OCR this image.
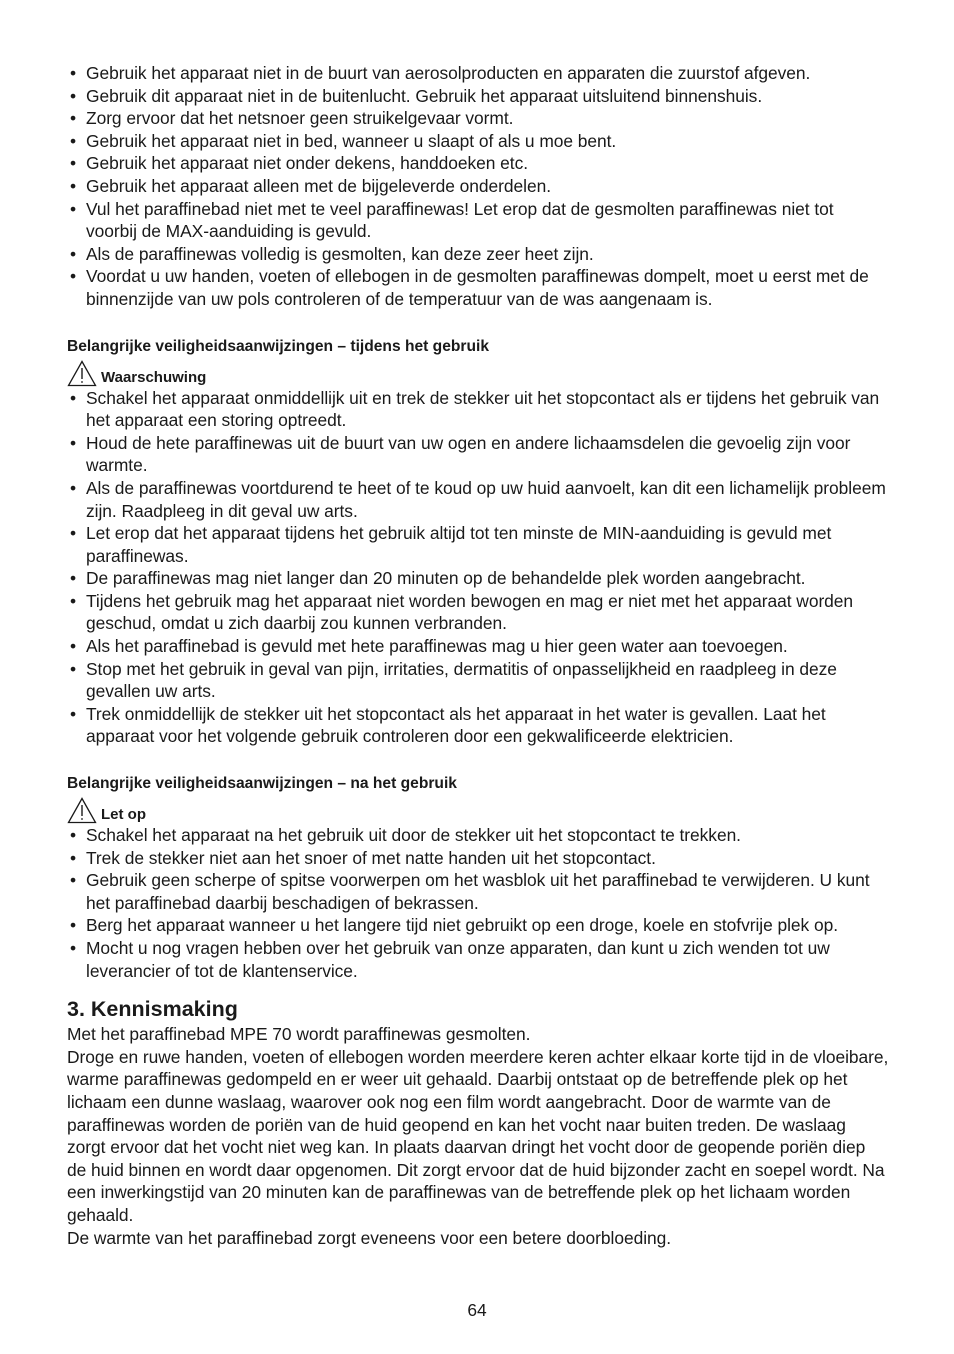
• Gebruik het apparaat niet in de buurt van aerosolproducten en apparaten die zuurstof afgeven.
• Gebruik dit apparaat niet in de buitenlucht. Gebruik het apparaat uitsluitend binnenshuis.
• Zorg ervoor dat het netsnoer geen struikelgevaar vormt.
• Gebruik het apparaat niet in bed, wanneer u slaapt of als u moe bent.
• Gebruik het apparaat niet onder dekens, handdoeken etc.
• Gebruik het apparaat alleen met de bijgeleverde onderdelen.
• Vul het paraffinebad niet met te veel paraffinewas! Let erop dat de gesmolten paraffinewas niet tot voorbij de MAX-aanduiding is gevuld.
• Als de paraffinewas volledig is gesmolten, kan deze zeer heet zijn.
• Voordat u uw handen, voeten of ellebogen in de gesmolten paraffinewas dompelt, moet u eerst met de binnenzijde van uw pols controleren of de temperatuur van de was aangenaam is.
Belangrijke veiligheidsaanwijzingen – tijdens het gebruik
Waarschuwing
• Schakel het apparaat onmiddellijk uit en trek de stekker uit het stopcontact als er tijdens het gebruik van het apparaat een storing optreedt.
• Houd de hete paraffinewas uit de buurt van uw ogen en andere lichaamsdelen die gevoelig zijn voor warmte.
• Als de paraffinewas voortdurend te heet of te koud op uw huid aanvoelt, kan dit een lichamelijk probleem zijn. Raadpleeg in dit geval uw arts.
• Let erop dat het apparaat tijdens het gebruik altijd tot ten minste de MIN-aanduiding is gevuld met paraffinewas.
• De paraffinewas mag niet langer dan 20 minuten op de behandelde plek worden aangebracht.
• Tijdens het gebruik mag het apparaat niet worden bewogen en mag er niet met het apparaat worden geschud, omdat u zich daarbij zou kunnen verbranden.
• Als het paraffinebad is gevuld met hete paraffinewas mag u hier geen water aan toevoegen.
• Stop met het gebruik in geval van pijn, irritaties, dermatitis of onpasselijkheid en raadpleeg in deze gevallen uw arts.
• Trek onmiddellijk de stekker uit het stopcontact als het apparaat in het water is gevallen. Laat het apparaat voor het volgende gebruik controleren door een gekwalificeerde elektricien.
Belangrijke veiligheidsaanwijzingen – na het gebruik
Let op
• Schakel het apparaat na het gebruik uit door de stekker uit het stopcontact te trekken.
• Trek de stekker niet aan het snoer of met natte handen uit het stopcontact.
• Gebruik geen scherpe of spitse voorwerpen om het wasblok uit het paraffinebad te verwijderen. U kunt het paraffinebad daarbij beschadigen of bekrassen.
• Berg het apparaat wanneer u het langere tijd niet gebruikt op een droge, koele en stofvrije plek op.
• Mocht u nog vragen hebben over het gebruik van onze apparaten, dan kunt u zich wenden tot uw leverancier of tot de klantenservice.
3. Kennismaking

Met het paraffinebad MPE 70 wordt paraffinewas gesmolten.

Droge en ruwe handen, voeten of ellebogen worden meerdere keren achter elkaar korte tijd in de vloeibare, warme paraffinewas gedompeld en er weer uit gehaald. Daarbij ontstaat op de betreffende plek op het lichaam een dunne waslaag, waarover ook nog een film wordt aangebracht. Door de warmte van de paraffinewas worden de poriën van de huid geopend en kan het vocht naar buiten treden. De waslaag zorgt ervoor dat het vocht niet weg kan. In plaats daarvan dringt het vocht door de geopende poriën diep de huid binnen en wordt daar opgenomen. Dit zorgt ervoor dat de huid bijzonder zacht en soepel wordt. Na een inwerkingstijd van 20 minuten kan de paraffinewas van de betreffende plek op het lichaam worden gehaald.

De warmte van het paraffinebad zorgt eveneens voor een betere doorbloeding.

64
